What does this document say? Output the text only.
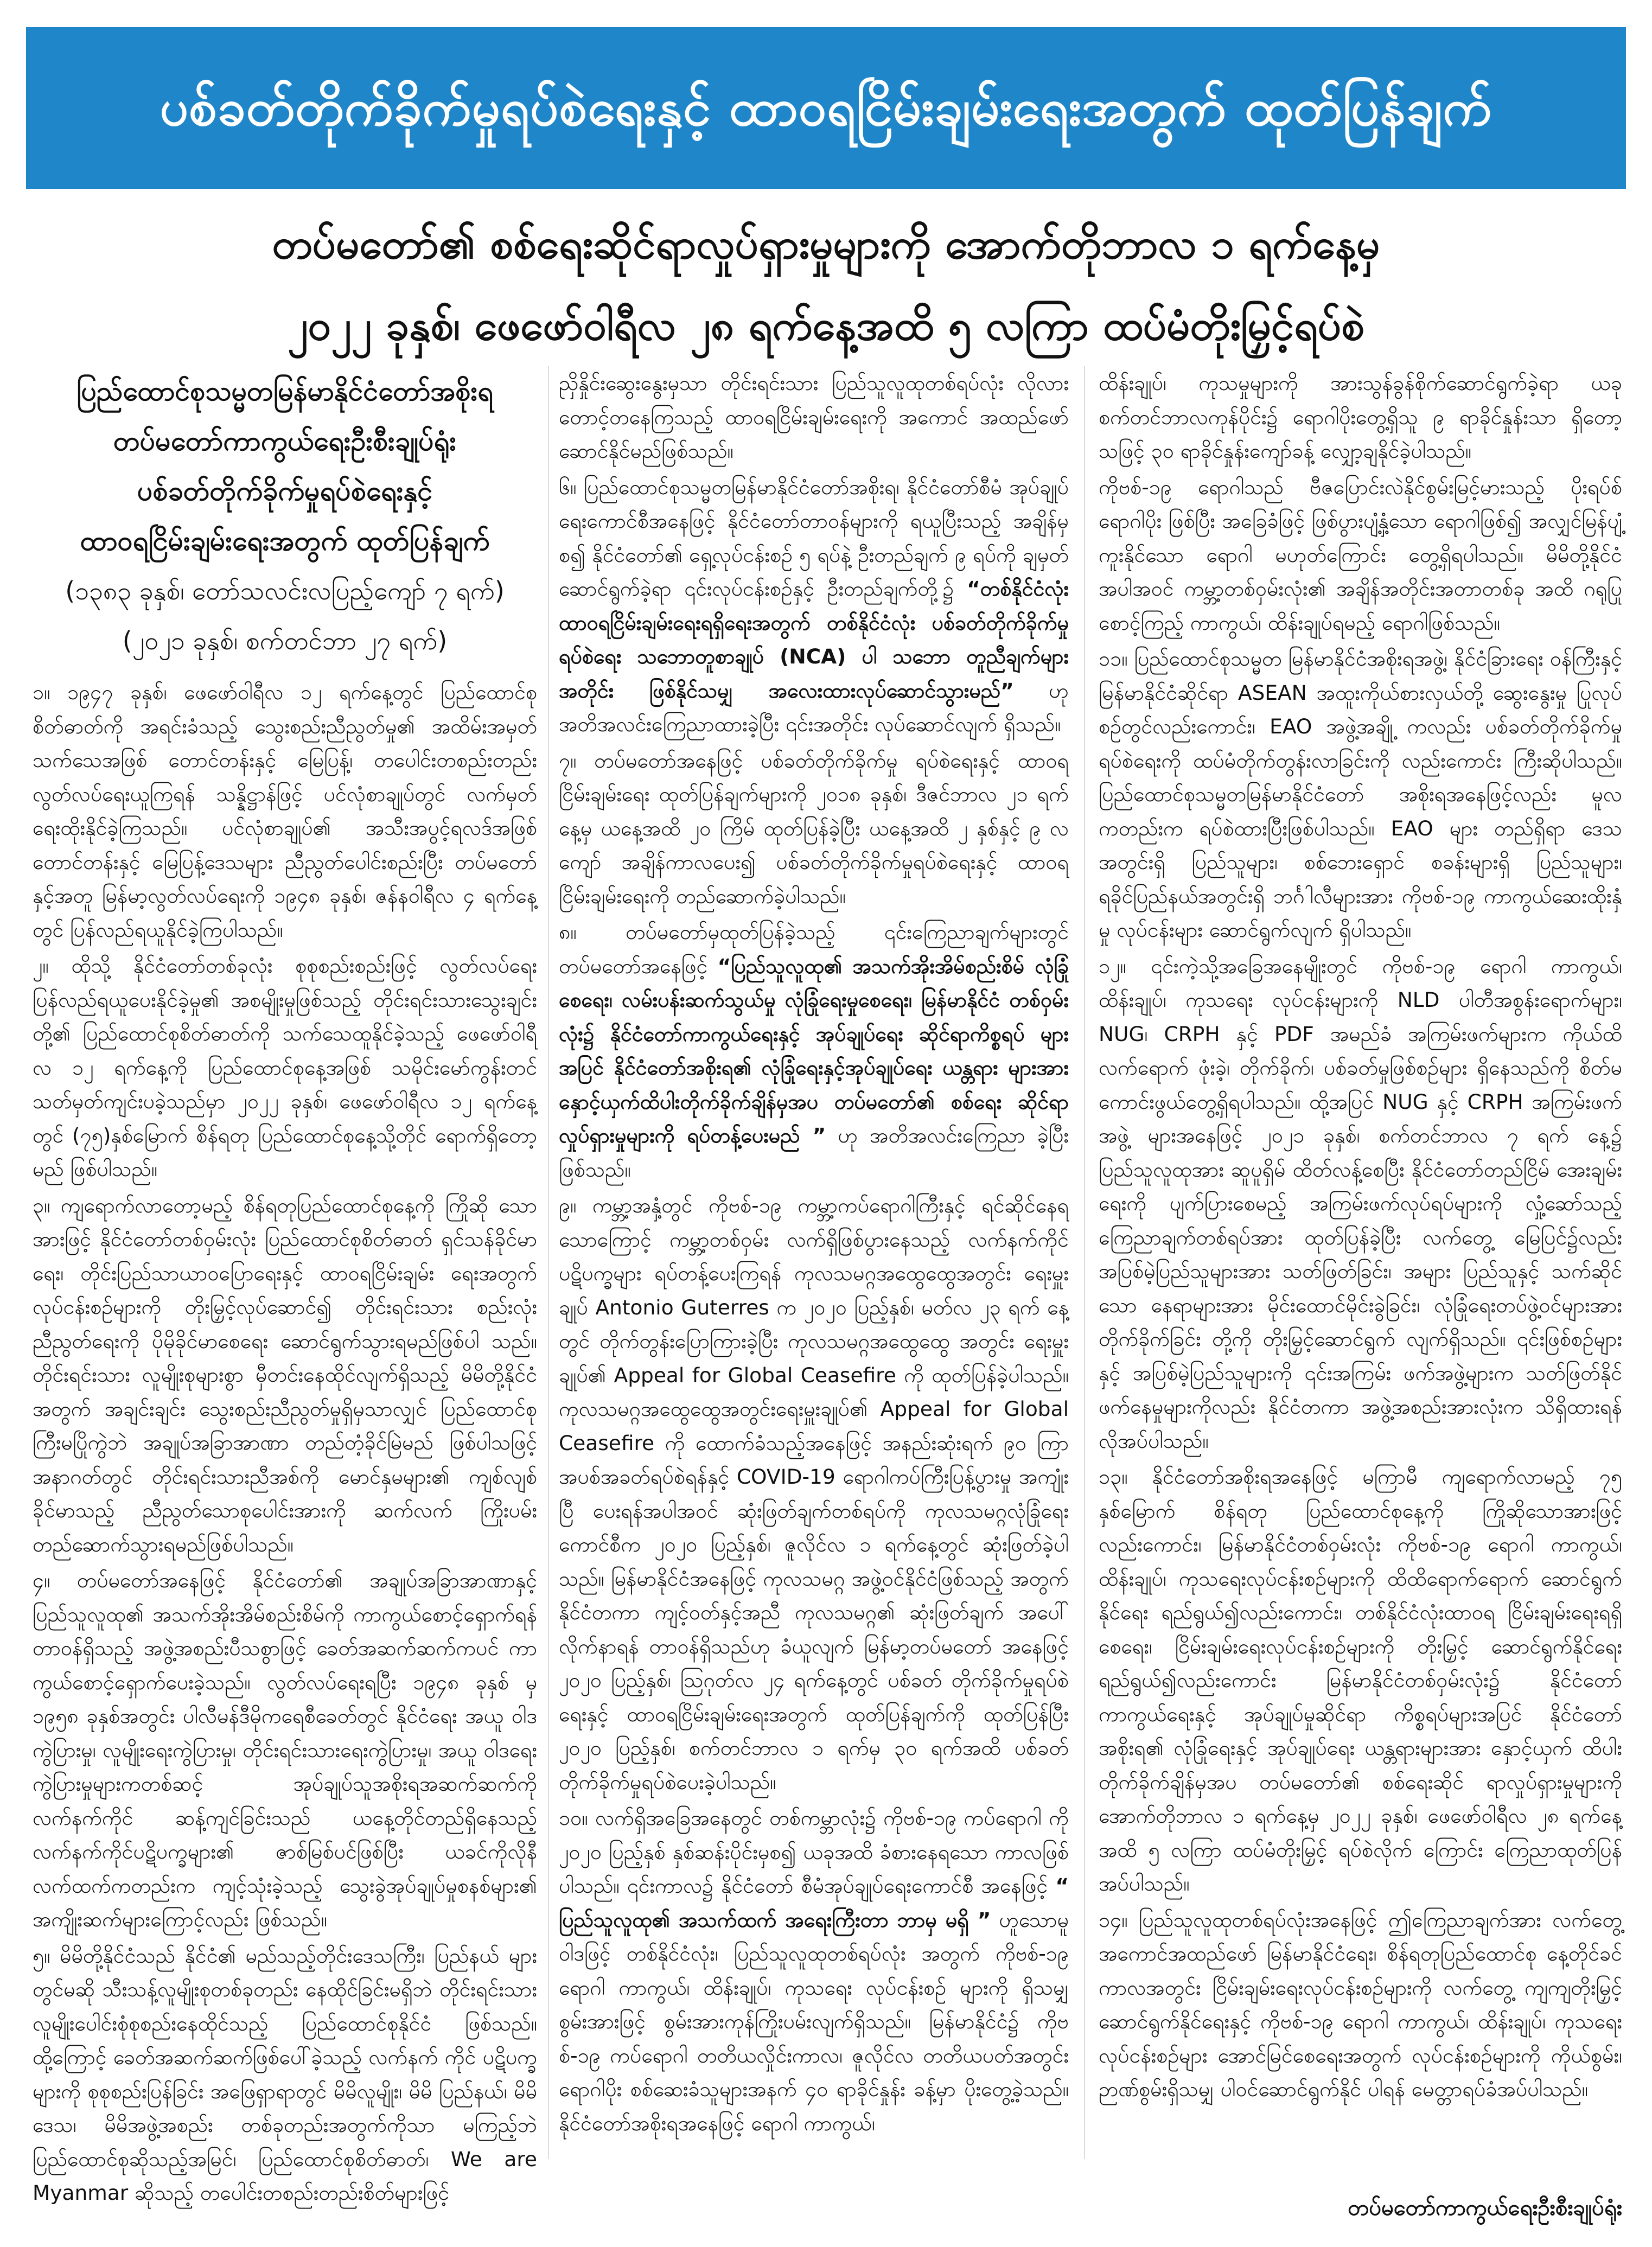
ပစ်ခတ်တိုက်ခိုက်မှုရပ်စဲရေးနှင့် ထာဝရငြိမ်းချမ်းရေးအတွက် ထုတ်ပြန်ချက်
တပ်မတော်၏ စစ်ရေးဆိုင်ရာလှုပ်ရှားမှုများကို အောက်တိုဘာလ ၁ ရက်နေ့မှ
၂၀၂၂ ခုနှစ်၊ ဖေဖော်ဝါရီလ ၂၈ ရက်နေ့အထိ ၅ လကြာ ထပ်မံတိုးမြှင့်ရပ်စဲ
ပြည်ထောင်စုသမ္မတမြန်မာနိုင်ငံတော်အစိုးရ
တပ်မတော်ကာကွယ်ရေးဦးစီးချုပ်ရုံး
ပစ်ခတ်တိုက်ခိုက်မှုရပ်စဲရေးနှင့်
ထာဝရငြိမ်းချမ်းရေးအတွက် ထုတ်ပြန်ချက်
(၁၃၈၃ ခုနှစ်၊ တော်သလင်းလပြည့်ကျော် ၇ ရက်)
(၂၀၂၁ ခုနှစ်၊ စက်တင်ဘာ ၂၇ ရက်)

၁။ ၁၉၄၇ ခုနှစ်၊ ဖေဖော်ဝါရီလ ၁၂ ရက်နေ့တွင် ပြည်ထောင်စု စိတ်ဓာတ်ကို အရင်းခံသည့် သွေးစည်းညီညွတ်မှု၏ အထိမ်းအမှတ် သက်သေအဖြစ် တောင်တန်းနှင့် မြေပြန့်၊ တပေါင်းတစည်းတည်း လွတ်လပ်ရေးယူကြရန် သန္နိဋ္ဌာန်ဖြင့် ပင်လုံစာချုပ်တွင် လက်မှတ် ရေးထိုးနိုင်ခဲ့ကြသည်။ ပင်လုံစာချုပ်၏ အသီးအပွင့်ရလဒ်အဖြစ် တောင်တန်းနှင့် မြေပြန့်ဒေသများ ညီညွတ်ပေါင်းစည်းပြီး တပ်မတော် နှင့်အတူ မြန်မာ့လွတ်လပ်ရေးကို ၁၉၄၈ ခုနှစ်၊ ဇန်နဝါရီလ ၄ ရက်နေ့ တွင် ပြန်လည်ရယူနိုင်ခဲ့ကြပါသည်။

၂။ ထိုသို့ နိုင်ငံတော်တစ်ခုလုံး စုစုစည်းစည်းဖြင့် လွတ်လပ်ရေး ပြန်လည်ရယူပေးနိုင်ခဲ့မှု၏ အစမျိုးမှုဖြစ်သည့် တိုင်းရင်းသားသွေးချင်း တို့၏ ပြည်ထောင်စုစိတ်ဓာတ်ကို သက်သေထူနိုင်ခဲ့သည့် ဖေဖော်ဝါရီ လ ၁၂ ရက်နေ့ကို ပြည်ထောင်စုနေ့အဖြစ် သမိုင်းမော်ကွန်းတင် သတ်မှတ်ကျင်းပခဲ့သည်မှာ ၂၀၂၂ ခုနှစ်၊ ဖေဖော်ဝါရီလ ၁၂ ရက်နေ့တွင် (၇၅)နှစ်မြောက် စိန်ရတု ပြည်ထောင်စုနေ့သို့တိုင် ရောက်ရှိတော့မည် ဖြစ်ပါသည်။

၃။ ကျရောက်လာတော့မည့် စိန်ရတုပြည်ထောင်စုနေ့ကို ကြိုဆို သောအားဖြင့် နိုင်ငံတော်တစ်ဝှမ်းလုံး ပြည်ထောင်စုစိတ်ဓာတ် ရှင်သန်ခိုင်မာရေး၊ တိုင်းပြည်သာယာဝပြောရေးနှင့် ထာဝရငြိမ်းချမ်း ရေးအတွက် လုပ်ငန်းစဉ်များကို တိုးမြှင့်လုပ်ဆောင်၍ တိုင်းရင်းသား စည်းလုံးညီညွတ်ရေးကို ပိုမိုခိုင်မာစေရေး ဆောင်ရွက်သွားရမည်ဖြစ်ပါ သည်။ တိုင်းရင်းသား လူမျိုးစုများစွာ မှီတင်းနေထိုင်လျက်ရှိသည့် မိမိတို့နိုင်ငံအတွက် အချင်းချင်း သွေးစည်းညီညွတ်မှုရှိမှသာလျှင် ပြည်ထောင်စုကြီးမပြိုကွဲဘဲ အချုပ်အခြာအာဏာ တည်တံ့ခိုင်မြဲမည် ဖြစ်ပါသဖြင့် အနာဂတ်တွင် တိုင်းရင်းသားညီအစ်ကို မောင်နှမများ၏ ကျစ်လျစ်ခိုင်မာသည့် ညီညွတ်သောစုပေါင်းအားကို ဆက်လက် ကြိုးပမ်း တည်ဆောက်သွားရမည်ဖြစ်ပါသည်။

၄။ တပ်မတော်အနေဖြင့် နိုင်ငံတော်၏ အချုပ်အခြာအာဏာနှင့် ပြည်သူလူထု၏ အသက်အိုးအိမ်စည်းစိမ်ကို ကာကွယ်စောင့်ရှောက်ရန် တာဝန်ရှိသည့် အဖွဲ့အစည်းပီသစွာဖြင့် ခေတ်အဆက်ဆက်ကပင် ကာကွယ်စောင့်ရှောက်ပေးခဲ့သည်။ လွတ်လပ်ရေးရပြီး ၁၉၄၈ ခုနှစ် မှ ၁၉၅၈ ခုနှစ်အတွင်း ပါလီမန်ဒီမိုကရေစီခေတ်တွင် နိုင်ငံရေး အယူ ဝါဒကွဲပြားမှု၊ လူမျိုးရေးကွဲပြားမှု၊ တိုင်းရင်းသားရေးကွဲပြားမှု၊ အယူ ဝါဒရေး ကွဲပြားမှုများကတစ်ဆင့် အုပ်ချုပ်သူအစိုးရအဆက်ဆက်ကို လက်နက်ကိုင် ဆန့်ကျင်ခြင်းသည် ယနေ့တိုင်တည်ရှိနေသည့် လက်နက်ကိုင်ပဋိပက္ခများ၏ ဇာစ်မြစ်ပင်ဖြစ်ပြီး ယခင်ကိုလိုနီ လက်ထက်ကတည်းက ကျင့်သုံးခဲ့သည့် သွေးခွဲအုပ်ချုပ်မှုစနစ်များ၏ အကျိုးဆက်များကြောင့်လည်း ဖြစ်သည်။

၅။ မိမိတို့နိုင်ငံသည် နိုင်ငံ၏ မည်သည့်တိုင်းဒေသကြီး၊ ပြည်နယ် များတွင်မဆို သီးသန့်လူမျိုးစုတစ်ခုတည်း နေထိုင်ခြင်းမရှိဘဲ တိုင်းရင်းသားလူမျိုးပေါင်းစုံစုစည်းနေထိုင်သည့် ပြည်ထောင်စုနိုင်ငံ ဖြစ်သည်။ ထို့ကြောင့် ခေတ်အဆက်ဆက်ဖြစ်ပေါ်ခဲ့သည့် လက်နက် ကိုင် ပဋိပက္ခများကို စုစုစည်းပြန်ခြင်း အဖြေရှာရာတွင် မိမိလူမျိုး၊ မိမိ ပြည်နယ်၊ မိမိဒေသ၊ မိမိအဖွဲ့အစည်း တစ်ခုတည်းအတွက်ကိုသာ မကြည့်ဘဲ ပြည်ထောင်စုဆိုသည့်အမြင်၊ ပြည်ထောင်စုစိတ်ဓာတ်၊ We are Myanmar ဆိုသည့် တပေါင်းတစည်းတည်းစိတ်များဖြင့်

ညှိနှိုင်းဆွေးနွေးမှသာ တိုင်းရင်းသား ပြည်သူလူထုတစ်ရပ်လုံး လိုလားတောင့်တနေကြသည့် ထာဝရငြိမ်းချမ်းရေးကို အကောင် အထည်ဖော်ဆောင်နိုင်မည်ဖြစ်သည်။

၆။ ပြည်ထောင်စုသမ္မတမြန်မာနိုင်ငံတော်အစိုးရ၊ နိုင်ငံတော်စီမံ အုပ်ချုပ်ရေးကောင်စီအနေဖြင့် နိုင်ငံတော်တာဝန်များကို ရယူပြီးသည့် အချိန်မှစ၍ နိုင်ငံတော်၏ ရှေ့လုပ်ငန်းစဉ် ၅ ရပ်နဲ့ ဦးတည်ချက် ၉ ရပ်ကို ချမှတ်ဆောင်ရွက်ခဲ့ရာ ၎င်းလုပ်ငန်းစဉ်နှင့် ဦးတည်ချက်တို့၌ “တစ်နိုင်ငံလုံး ထာဝရငြိမ်းချမ်းရေးရရှိရေးအတွက် တစ်နိုင်ငံလုံး ပစ်ခတ်တိုက်ခိုက်မှုရပ်စဲရေး သဘောတူစာချုပ် (NCA) ပါ သဘော တူညီချက်များအတိုင်း ဖြစ်နိုင်သမျှ အလေးထားလုပ်ဆောင်သွားမည်” ဟု အတိအလင်းကြေညာထားခဲ့ပြီး ၎င်းအတိုင်း လုပ်ဆောင်လျက် ရှိသည်။

၇။ တပ်မတော်အနေဖြင့် ပစ်ခတ်တိုက်ခိုက်မှု ရပ်စဲရေးနှင့် ထာဝရ ငြိမ်းချမ်းရေး ထုတ်ပြန်ချက်များကို ၂၀၁၈ ခုနှစ်၊ ဒီဇင်ဘာလ ၂၁ ရက် နေ့မှ ယနေ့အထိ ၂၀ ကြိမ် ထုတ်ပြန်ခဲ့ပြီး ယနေ့အထိ ၂ နှစ်နှင့် ၉ လကျော် အချိန်ကာလပေး၍ ပစ်ခတ်တိုက်ခိုက်မှုရပ်စဲရေးနှင့် ထာဝရငြိမ်းချမ်းရေးကို တည်ဆောက်ခဲ့ပါသည်။

၈။ တပ်မတော်မှထုတ်ပြန်ခဲ့သည့် ၎င်းကြေညာချက်များတွင် တပ်မတော်အနေဖြင့် “ပြည်သူလူထု၏ အသက်အိုးအိမ်စည်းစိမ် လုံခြုံစေရေး၊ လမ်းပန်းဆက်သွယ်မှု လုံခြုံရေးမှုစေရေး၊ မြန်မာနိုင်ငံ တစ်ဝှမ်းလုံး၌ နိုင်ငံတော်ကာကွယ်ရေးနှင့် အုပ်ချုပ်ရေး ဆိုင်ရာကိစ္စရပ် များအပြင် နိုင်ငံတော်အစိုးရ၏ လုံခြုံရေးနှင့်အုပ်ချုပ်ရေး ယန္တရား များအား နှောင့်ယှက်ထိပါးတိုက်ခိုက်ချိန်မှအပ တပ်မတော်၏ စစ်ရေး ဆိုင်ရာ လှုပ်ရှားမှုများကို ရပ်တန့်ပေးမည် ” ဟု အတိအလင်းကြေညာ ခဲ့ပြီးဖြစ်သည်။

၉။ ကမ္ဘာ့အနှံ့တွင် ကိုဗစ်-၁၉ ကမ္ဘာ့ကပ်ရောဂါကြီးနှင့် ရင်ဆိုင်နေရ သောကြောင့် ကမ္ဘာ့တစ်ဝှမ်း လက်ရှိဖြစ်ပွားနေသည့် လက်နက်ကိုင် ပဋိပက္ခများ ရပ်တန့်ပေးကြရန် ကုလသမဂ္ဂအထွေထွေအတွင်း ရေးမှူးချုပ် Antonio Guterres က ၂၀၂၀ ပြည့်နှစ်၊ မတ်လ ၂၃ ရက် နေ့တွင် တိုက်တွန်းပြောကြားခဲ့ပြီး ကုလသမဂ္ဂအထွေထွေ အတွင်း ရေးမှူးချုပ်၏ Appeal for Global Ceasefire ကို ထုတ်ပြန်ခဲ့ပါသည်။ ကုလသမဂ္ဂအထွေထွေအတွင်းရေးမှူးချုပ်၏ Appeal for Global Ceasefire ကို ထောက်ခံသည့်အနေဖြင့် အနည်းဆုံးရက် ၉၀ ကြာ အပစ်အခတ်ရပ်စဲရန်နှင့် COVID-19 ရောဂါကပ်ကြီးပြန့်ပွားမှု အကျုံးပြီ ပေးရန်အပါအဝင် ဆုံးဖြတ်ချက်တစ်ရပ်ကို ကုလသမဂ္ဂလုံခြုံရေး ကောင်စီက ၂၀၂၀ ပြည့်နှစ်၊ ဇူလိုင်လ ၁ ရက်နေ့တွင် ဆုံးဖြတ်ခဲ့ပါ သည်။ မြန်မာနိုင်ငံအနေဖြင့် ကုလသမဂ္ဂ အဖွဲ့ဝင်နိုင်ငံဖြစ်သည့် အတွက် နိုင်ငံတကာ ကျင့်ဝတ်နှင့်အညီ ကုလသမဂ္ဂ၏ ဆုံးဖြတ်ချက် အပေါ်လိုက်နာရန် တာဝန်ရှိသည်ဟု ခံယူလျက် မြန်မာ့တပ်မတော် အနေဖြင့် ၂၀၂၀ ပြည့်နှစ်၊ ဩဂုတ်လ ၂၄ ရက်နေ့တွင် ပစ်ခတ် တိုက်ခိုက်မှုရပ်စဲရေးနှင့် ထာဝရငြိမ်းချမ်းရေးအတွက် ထုတ်ပြန်ချက်ကို ထုတ်ပြန်ပြီး ၂၀၂၀ ပြည့်နှစ်၊ စက်တင်ဘာလ ၁ ရက်မှ ၃၀ ရက်အထိ ပစ်ခတ်တိုက်ခိုက်မှုရပ်စဲပေးခဲ့ပါသည်။

၁၀။ လက်ရှိအခြေအနေတွင် တစ်ကမ္ဘာလုံး၌ ကိုဗစ်-၁၉ ကပ်ရောဂါ ကို ၂၀၂၀ ပြည့်နှစ် နှစ်ဆန်းပိုင်းမှစ၍ ယခုအထိ ခံစားနေရသော ကာလဖြစ်ပါသည်။ ၎င်းကာလ၌ နိုင်ငံတော် စီမံအုပ်ချုပ်ရေးကောင်စီ အနေဖြင့် “ ပြည်သူလူထု၏ အသက်ထက် အရေးကြီးတာ ဘာမှ မရှိ ” ဟူသောမူဝါဒဖြင့် တစ်နိုင်ငံလုံး၊ ပြည်သူလူထုတစ်ရပ်လုံး အတွက် ကိုဗစ်-၁၉ ရောဂါ ကာကွယ်၊ ထိန်းချုပ်၊ ကုသရေး လုပ်ငန်းစဉ် များကို ရှိသမျှစွမ်းအားဖြင့် စွမ်းအားကုန်ကြိုးပမ်းလျက်ရှိသည်။ မြန်မာနိုင်ငံ၌ ကိုဗစ်-၁၉ ကပ်ရောဂါ တတိယလှိုင်းကာလ၊ ဇူလိုင်လ တတိယပတ်အတွင်း ရောဂါပိုး စစ်ဆေးခံသူများအနက် ၄၀ ရာခိုင်နှုန်း ခန့်မှာ ပိုးတွေ့ခဲ့သည်။ နိုင်ငံတော်အစိုးရအနေဖြင့် ရောဂါ ကာကွယ်၊

ထိန်းချုပ်၊ ကုသမှုများကို အားသွန်ခွန်စိုက်ဆောင်ရွက်ခဲ့ရာ ယခု စက်တင်ဘာလကုန်ပိုင်း၌ ရောဂါပိုးတွေ့ရှိသူ ၉ ရာခိုင်နှုန်းသာ ရှိတော့သဖြင့် ၃၀ ရာခိုင်နှုန်းကျော်ခန့် လျှော့ချနိုင်ခဲ့ပါသည်။

ကိုဗစ်-၁၉ ရောဂါသည် ဗီဇပြောင်းလဲနိုင်စွမ်းမြင့်မားသည့် ပိုးရပ်စ်ရောဂါပိုး ဖြစ်ပြီး အခြေခံဖြင့် ဖြစ်ပွားပျံ့နှံ့သော ရောဂါဖြစ်၍ အလျှင်မြန်ပျံ့ကူးနိုင်သော ရောဂါ မဟုတ်ကြောင်း တွေ့ရှိရပါသည်။ မိမိတို့နိုင်ငံအပါအဝင် ကမ္ဘာ့တစ်ဝှမ်းလုံး၏ အချိန်အတိုင်းအတာတစ်ခု အထိ ဂရုပြုစောင့်ကြည့် ကာကွယ်၊ ထိန်းချုပ်ရမည့် ရောဂါဖြစ်သည်။

၁၁။ ပြည်ထောင်စုသမ္မတ မြန်မာနိုင်ငံအစိုးရအဖွဲ့၊ နိုင်ငံခြားရေး ဝန်ကြီးနှင့် မြန်မာနိုင်ငံဆိုင်ရာ ASEAN အထူးကိုယ်စားလှယ်တို့ ဆွေးနွေးမှု ပြုလုပ်စဉ်တွင်လည်းကောင်း၊ EAO အဖွဲ့အချို့ ကလည်း ပစ်ခတ်တိုက်ခိုက်မှုရပ်စဲရေးကို ထပ်မံတိုက်တွန်းလာခြင်းကို လည်းကောင်း ကြီးဆိုပါသည်။ ပြည်ထောင်စုသမ္မတမြန်မာနိုင်ငံတော် အစိုးရအနေဖြင့်လည်း မူလကတည်းက ရပ်စဲထားပြီးဖြစ်ပါသည်။ EAO များ တည်ရှိရာ ဒေသအတွင်းရှိ ပြည်သူများ၊ စစ်ဘေးရှောင် စခန်းများရှိ ပြည်သူများ၊ ရခိုင်ပြည်နယ်အတွင်းရှိ ဘင်္ဂါလီများအား ကိုဗစ်-၁၉ ကာကွယ်ဆေးထိုးနှံမှု လုပ်ငန်းများ ဆောင်ရွက်လျက် ရှိပါသည်။

၁၂။ ၎င်းကဲ့သို့အခြေအနေမျိုးတွင် ကိုဗစ်-၁၉ ရောဂါ ကာကွယ်၊ ထိန်းချုပ်၊ ကုသရေး လုပ်ငန်းများကို NLD ပါတီအစွန်းရောက်များ၊ NUG၊ CRPH နှင့် PDF အမည်ခံ အကြမ်းဖက်များက ကိုယ်ထိ လက်ရောက် ဖုံးခဲ့၊ တိုက်ခိုက်၊ ပစ်ခတ်မှုဖြစ်စဉ်များ ရှိနေသည်ကို စိတ်မကောင်းဖွယ်တွေ့ရှိရပါသည်။ ထို့အပြင် NUG နှင့် CRPH အကြမ်းဖက်အဖွဲ့ များအနေဖြင့် ၂၀၂၁ ခုနှစ်၊ စက်တင်ဘာလ ၇ ရက် နေ့၌ ပြည်သူလူထုအား ဆူပူရှိမ် ထိတ်လန့်စေပြီး နိုင်ငံတော်တည်ငြိမ် အေးချမ်းရေးကို ပျက်ပြားစေမည့် အကြမ်းဖက်လုပ်ရပ်များကို လှုံ့ဆော်သည့် ကြေညာချက်တစ်ရပ်အား ထုတ်ပြန်ခဲ့ပြီး လက်တွေ့ မြေပြင်၌လည်း အပြစ်မဲ့ပြည်သူများအား သတ်ဖြတ်ခြင်း၊ အများ ပြည်သူနှင့် သက်ဆိုင်သော နေရာများအား မိုင်းထောင်မိုင်းခွဲခြင်း၊ လုံခြုံရေးတပ်ဖွဲ့ဝင်များအား တိုက်ခိုက်ခြင်း တို့ကို တိုးမြှင့်ဆောင်ရွက် လျက်ရှိသည်။ ၎င်းဖြစ်စဉ်များနှင့် အပြစ်မဲ့ပြည်သူများကို ၎င်းအကြမ်း ဖက်အဖွဲ့များက သတ်ဖြတ်နိုင်ဖက်နေမှုများကိုလည်း နိုင်ငံတကာ အဖွဲ့အစည်းအားလုံးက သိရှိထားရန် လိုအပ်ပါသည်။

၁၃။ နိုင်ငံတော်အစိုးရအနေဖြင့် မကြာမီ ကျရောက်လာမည့် ၇၅ နှစ်မြောက် စိန်ရတု ပြည်ထောင်စုနေ့ကို ကြိုဆိုသောအားဖြင့် လည်းကောင်း၊ မြန်မာနိုင်ငံတစ်ဝှမ်းလုံး ကိုဗစ်-၁၉ ရောဂါ ကာကွယ်၊ ထိန်းချုပ်၊ ကုသရေးလုပ်ငန်းစဉ်များကို ထိထိရောက်ရောက် ဆောင်ရွက်နိုင်ရေး ရည်ရွယ်၍လည်းကောင်း၊ တစ်နိုင်ငံလုံးထာဝရ ငြိမ်းချမ်းရေးရရှိစေရေး၊ ငြိမ်းချမ်းရေးလုပ်ငန်းစဉ်များကို တိုးမြှင့် ဆောင်ရွက်နိုင်ရေး ရည်ရွယ်၍လည်းကောင်း မြန်မာနိုင်ငံတစ်ဝှမ်းလုံး၌ နိုင်ငံတော်ကာကွယ်ရေးနှင့် အုပ်ချုပ်မှုဆိုင်ရာ ကိစ္စရပ်များအပြင် နိုင်ငံတော်အစိုးရ၏ လုံခြုံရေးနှင့် အုပ်ချုပ်ရေး ယန္တရားများအား နှောင့်ယှက် ထိပါးတိုက်ခိုက်ချိန်မှအပ တပ်မတော်၏ စစ်ရေးဆိုင် ရာလှုပ်ရှားမှုများကို အောက်တိုဘာလ ၁ ရက်နေ့မှ ၂၀၂၂ ခုနှစ်၊ ဖေဖော်ဝါရီလ ၂၈ ရက်နေ့အထိ ၅ လကြာ ထပ်မံတိုးမြှင့် ရပ်စဲလိုက် ကြောင်း ကြေညာထုတ်ပြန်အပ်ပါသည်။

၁၄။ ပြည်သူလူထုတစ်ရပ်လုံးအနေဖြင့် ဤကြေညာချက်အား လက်တွေ့ အကောင်အထည်ဖော် မြန်မာနိုင်ငံရေး၊ စိန်ရတုပြည်ထောင်စု နေ့တိုင်ခင်ကာလအတွင်း ငြိမ်းချမ်းရေးလုပ်ငန်းစဉ်များကို လက်တွေ့ ကျကျတိုးမြှင့်ဆောင်ရွက်နိုင်ရေးနှင့် ကိုဗစ်-၁၉ ရောဂါ ကာကွယ်၊ ထိန်းချုပ်၊ ကုသရေး လုပ်ငန်းစဉ်များ အောင်မြင်စေရေးအတွက် လုပ်ငန်းစဉ်များကို ကိုယ်စွမ်း၊ ဉာဏ်စွမ်းရှိသမျှ ပါဝင်ဆောင်ရွက်နိုင် ပါရန် မေတ္တာရပ်ခံအပ်ပါသည်။

တပ်မတော်ကာကွယ်ရေးဦးစီးချုပ်ရုံး
